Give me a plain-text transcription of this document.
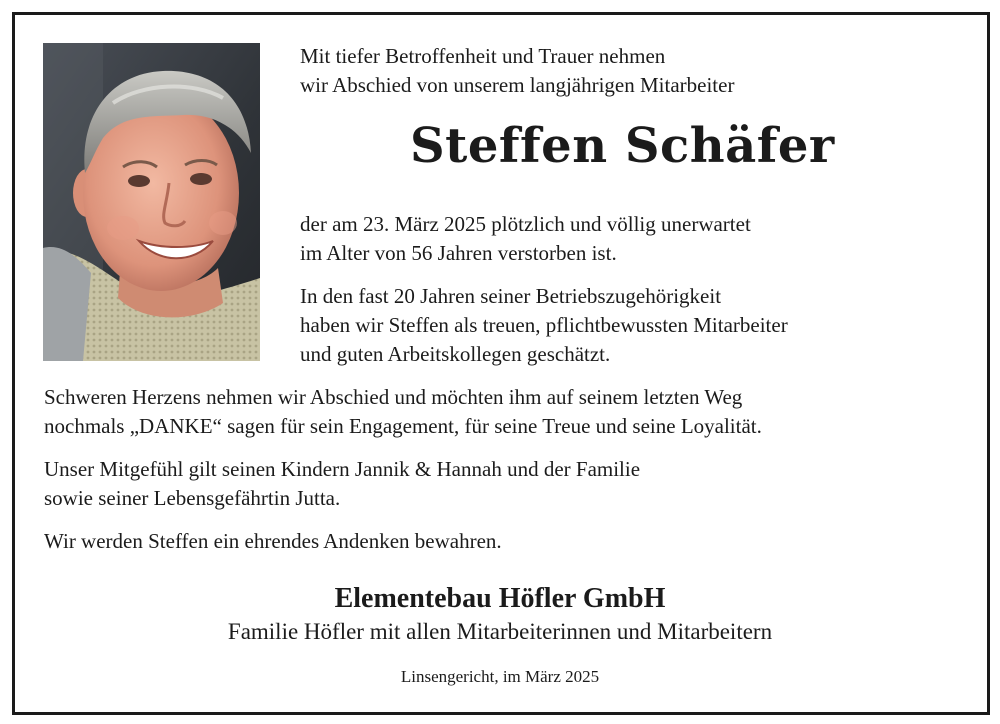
Mit tiefer Betroffenheit und Trauer nehmen

wir Abschied von unserem langjährigen Mitarbeiter

Steffen Schäfer

der am 23. März 2025 plötzlich und völlig unerwartet

im Alter von 56 Jahren verstorben ist.

In den fast 20 Jahren seiner Betriebszugehörigkeit

haben wir Steffen als treuen, pflichtbewussten Mitarbeiter

und guten Arbeitskollegen geschätzt.

Schweren Herzens nehmen wir Abschied und möchten ihm auf seinem letzten Weg

nochmals „DANKE“ sagen für sein Engagement, für seine Treue und seine Loyalität.

Unser Mitgefühl gilt seinen Kindern Jannik & Hannah und der Familie

sowie seiner Lebensgefährtin Jutta.

Wir werden Steffen ein ehrendes Andenken bewahren.

Elementebau Höfler GmbH

Familie Höfler mit allen Mitarbeiterinnen und Mitarbeitern

Linsengericht, im März 2025
